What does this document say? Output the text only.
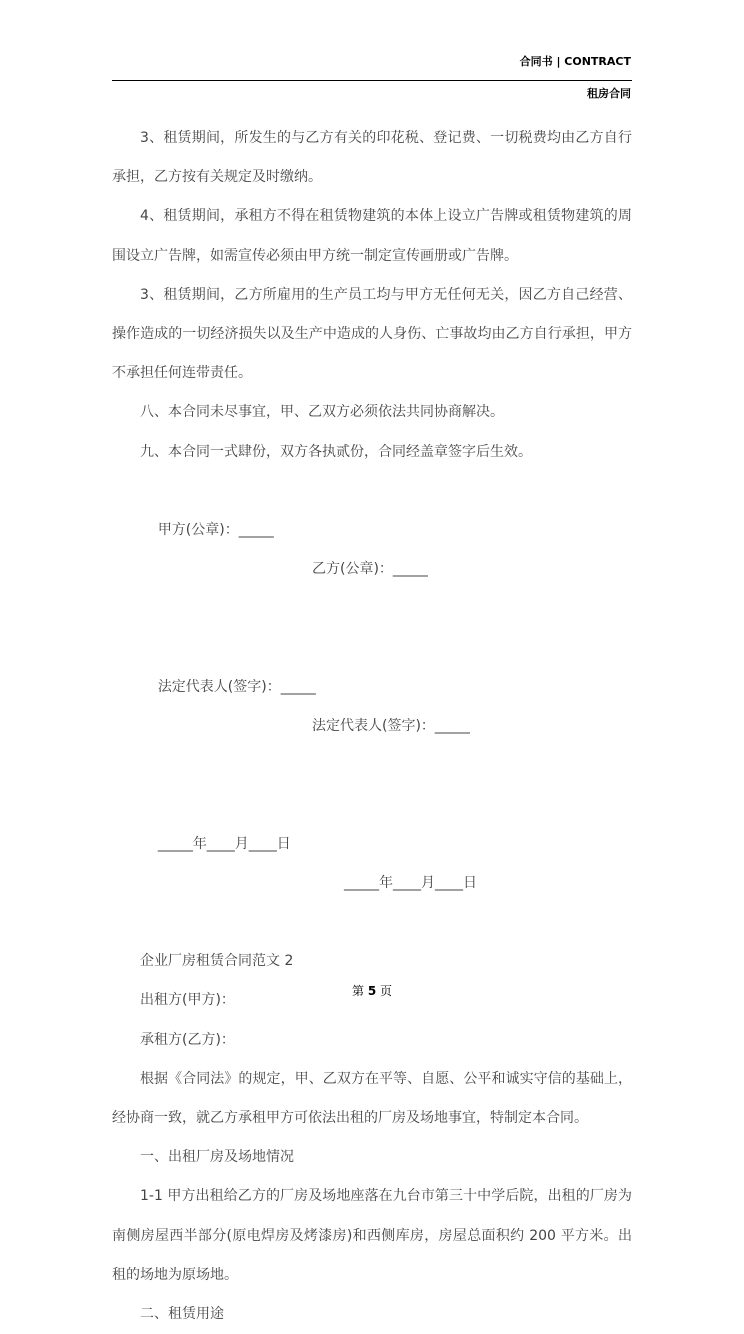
合同书 | CONTRACT
租房合同

3、租赁期间，所发生的与乙方有关的印花税、登记费、一切税费均由乙方自行承担，乙方按有关规定及时缴纳。

4、租赁期间，承租方不得在租赁物建筑的本体上设立广告牌或租赁物建筑的周围设立广告牌，如需宣传必须由甲方统一制定宣传画册或广告牌。

3、租赁期间，乙方所雇用的生产员工均与甲方无任何无关，因乙方自己经营、操作造成的一切经济损失以及生产中造成的人身伤、亡事故均由乙方自行承担，甲方不承担任何连带责任。

八、本合同未尽事宜，甲、乙双方必须依法共同协商解决。

九、本合同一式肆份，双方各执贰份，合同经盖章签字后生效。

甲方(公章)：_____

乙方(公章)：_____

法定代表人(签字)：_____

法定代表人(签字)：_____

_____年____月____日

_____年____月____日

企业厂房租赁合同范文 2

出租方(甲方)：

承租方(乙方)：

根据《合同法》的规定，甲、乙双方在平等、自愿、公平和诚实守信的基础上，经协商一致，就乙方承租甲方可依法出租的厂房及场地事宜，特制定本合同。

一、出租厂房及场地情况

1-1 甲方出租给乙方的厂房及场地座落在九台市第三十中学后院，出租的厂房为南侧房屋西半部分(原电焊房及烤漆房)和西侧库房，房屋总面积约 200 平方米。出租的场地为原场地。

二、租赁用途

第 5 页
